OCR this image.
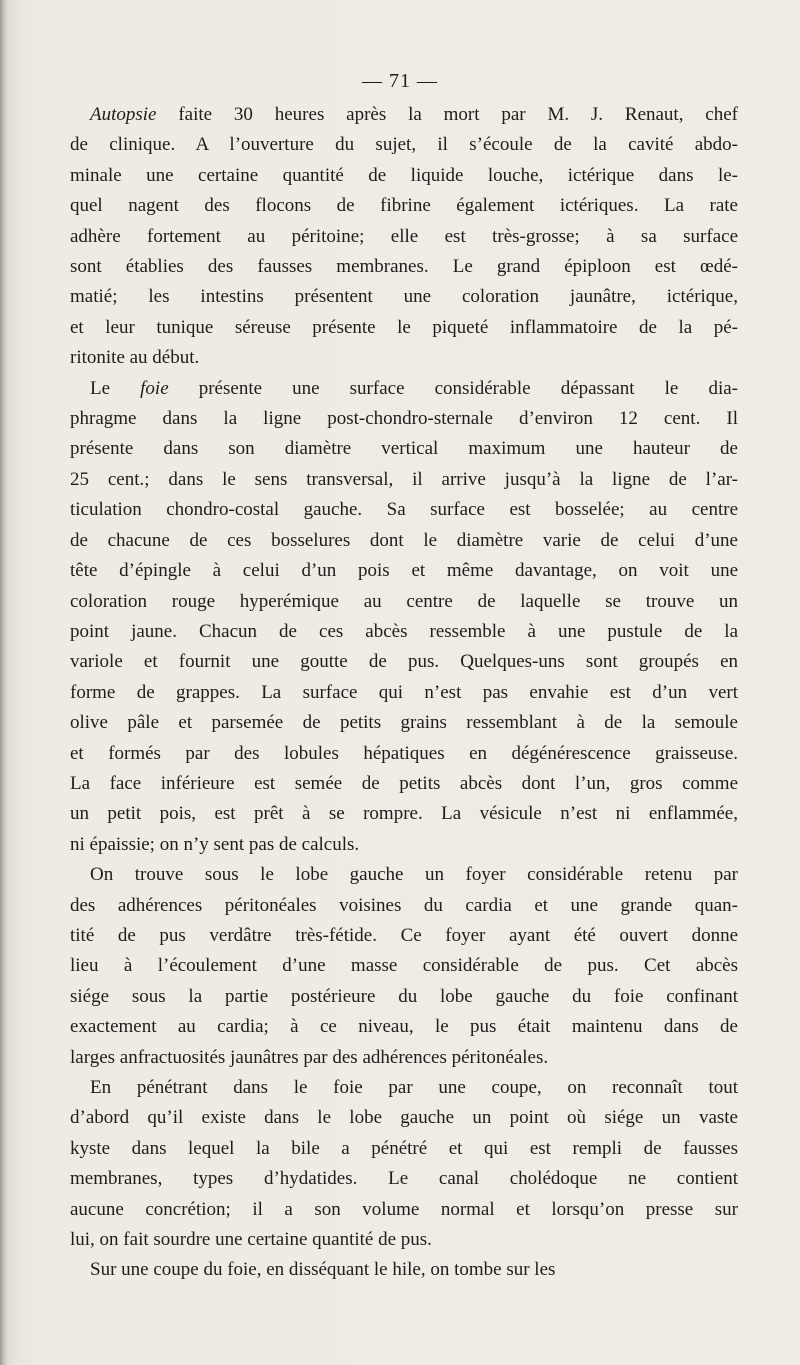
— 71 —

Autopsie faite 30 heures après la mort par M. J. Renaut, chef
de clinique. A l’ouverture du sujet, il s’écoule de la cavité abdo-
minale une certaine quantité de liquide louche, ictérique dans le-
quel nagent des flocons de fibrine également ictériques. La rate
adhère fortement au péritoine; elle est très-grosse; à sa surface
sont établies des fausses membranes. Le grand épiploon est œdé-
matié; les intestins présentent une coloration jaunâtre, ictérique,
et leur tunique séreuse présente le piqueté inflammatoire de la pé-
ritonite au début.

Le foie présente une surface considérable dépassant le dia-
phragme dans la ligne post-chondro-sternale d’environ 12 cent. Il
présente dans son diamètre vertical maximum une hauteur de
25 cent.; dans le sens transversal, il arrive jusqu’à la ligne de l’ar-
ticulation chondro-costal gauche. Sa surface est bosselée; au centre
de chacune de ces bosselures dont le diamètre varie de celui d’une
tête d’épingle à celui d’un pois et même davantage, on voit une
coloration rouge hyperémique au centre de laquelle se trouve un
point jaune. Chacun de ces abcès ressemble à une pustule de la
variole et fournit une goutte de pus. Quelques-uns sont groupés en
forme de grappes. La surface qui n’est pas envahie est d’un vert
olive pâle et parsemée de petits grains ressemblant à de la semoule
et formés par des lobules hépatiques en dégénérescence graisseuse.
La face inférieure est semée de petits abcès dont l’un, gros comme
un petit pois, est prêt à se rompre. La vésicule n’est ni enflammée,
ni épaissie; on n’y sent pas de calculs.

On trouve sous le lobe gauche un foyer considérable retenu par
des adhérences péritonéales voisines du cardia et une grande quan-
tité de pus verdâtre très-fétide. Ce foyer ayant été ouvert donne
lieu à l’écoulement d’une masse considérable de pus. Cet abcès
siége sous la partie postérieure du lobe gauche du foie confinant
exactement au cardia; à ce niveau, le pus était maintenu dans de
larges anfractuosités jaunâtres par des adhérences péritonéales.

En pénétrant dans le foie par une coupe, on reconnaît tout
d’abord qu’il existe dans le lobe gauche un point où siége un vaste
kyste dans lequel la bile a pénétré et qui est rempli de fausses
membranes, types d’hydatides. Le canal cholédoque ne contient
aucune concrétion; il a son volume normal et lorsqu’on presse sur
lui, on fait sourdre une certaine quantité de pus.

Sur une coupe du foie, en disséquant le hile, on tombe sur les
